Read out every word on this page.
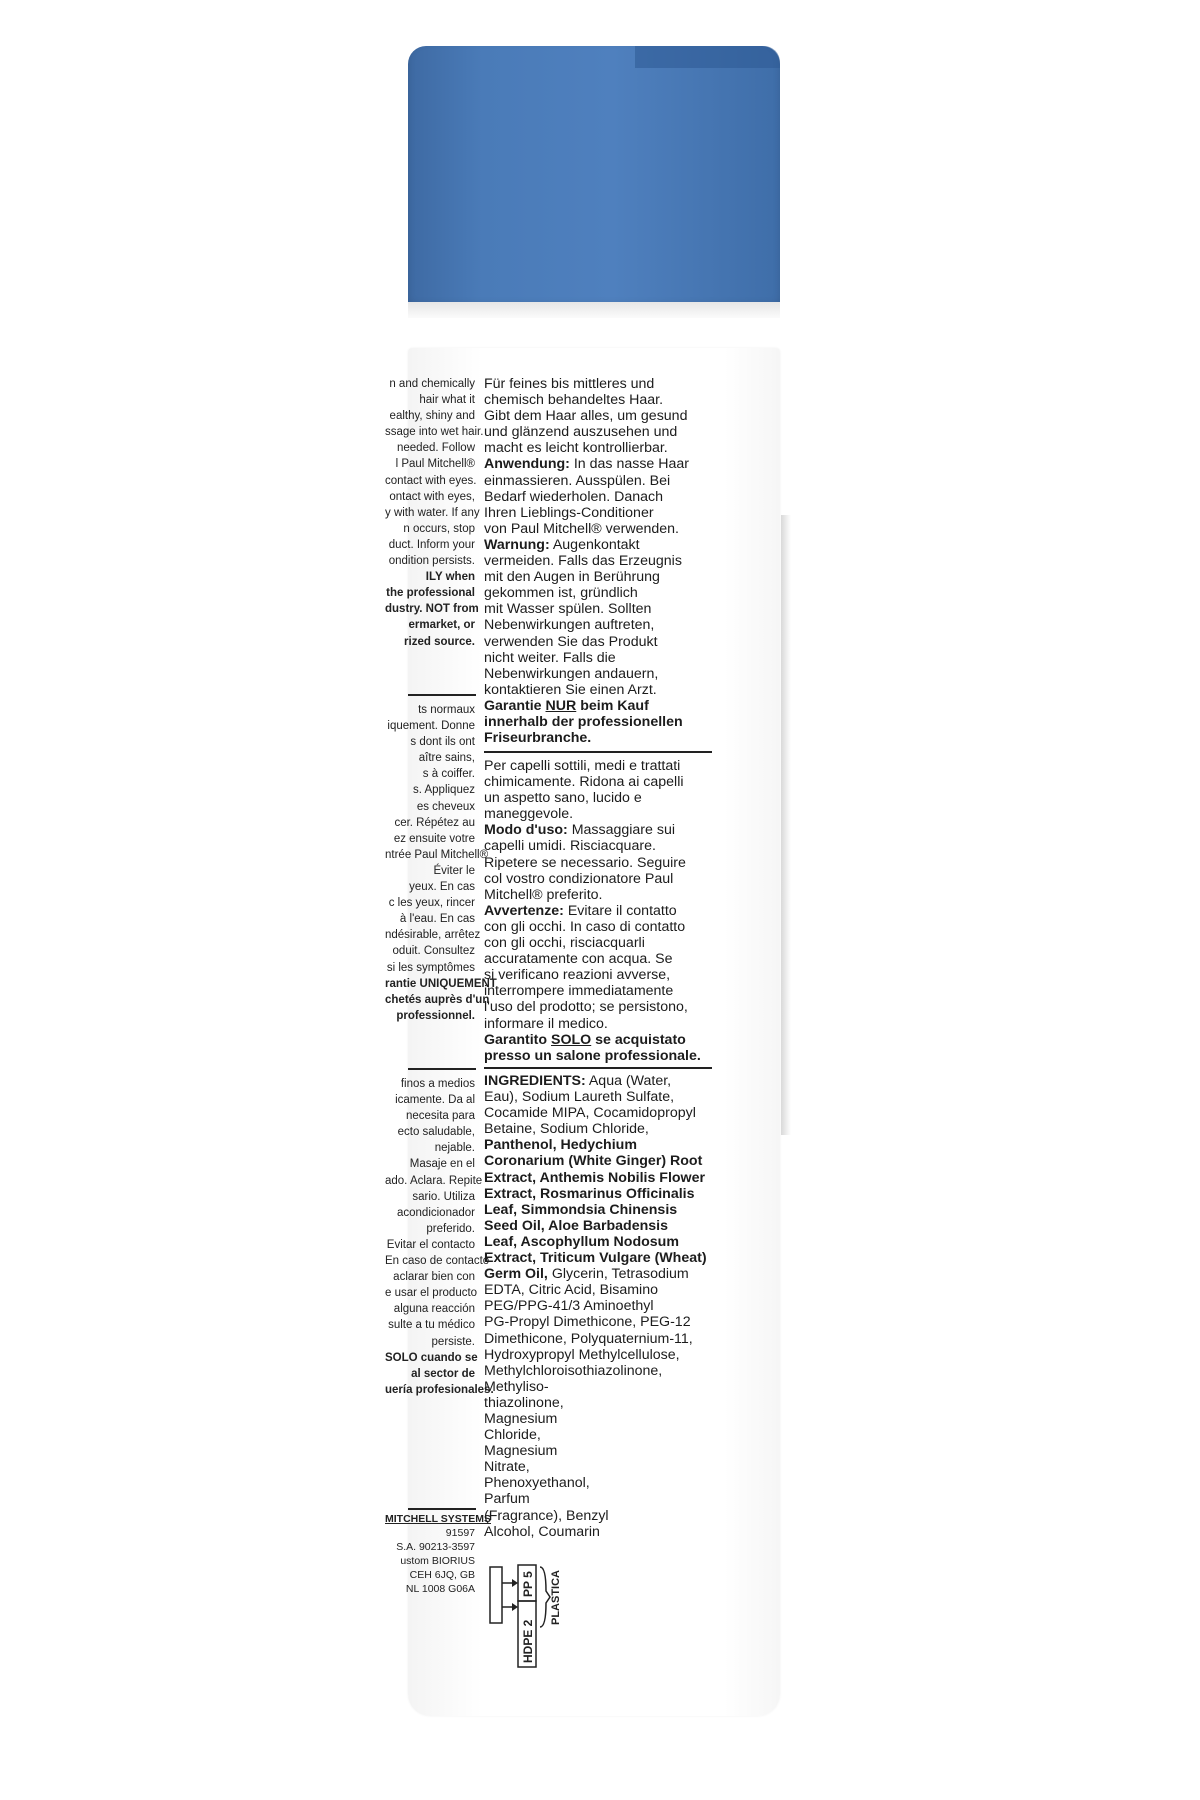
n and chemically
hair what it
ealthy, shiny and
ssage into wet hair.
needed. Follow
l Paul Mitchell®
contact with eyes.
ontact with eyes,
y with water. If any
n occurs, stop
duct. Inform your
ondition persists.
ILY when
the professional
dustry. NOT from
ermarket, or
rized source.
ts normaux
iquement. Donne
s dont ils ont
aître sains,
s à coiffer.
s. Appliquez
es cheveux
cer. Répétez au
ez ensuite votre
ntrée Paul Mitchell®
Éviter le
yeux. En cas
c les yeux, rincer
à l'eau. En cas
ndésirable, arrêtez
oduit. Consultez
si les symptômes
rantie UNIQUEMENT
chetés auprès d'un
professionnel.
finos a medios
icamente. Da al
necesita para
ecto saludable,
nejable.
Masaje en el
ado. Aclara. Repite
sario. Utiliza
acondicionador
preferido.
Evitar el contacto
En caso de contacto
aclarar bien con
e usar el producto
alguna reacción
sulte a tu médico
persiste.
SOLO cuando se
al sector de
uería profesionales.
MITCHELL SYSTEMS
91597
S.A. 90213-3597
ustom BIORIUS
CEH 6JQ, GB
NL 1008 G06A
Für feines bis mittleres und
chemisch behandeltes Haar.
Gibt dem Haar alles, um gesund
und glänzend auszusehen und
macht es leicht kontrollierbar.
Anwendung: In das nasse Haar
einmassieren. Ausspülen. Bei
Bedarf wiederholen. Danach
Ihren Lieblings-Conditioner
von Paul Mitchell® verwenden.
Warnung: Augenkontakt
vermeiden. Falls das Erzeugnis
mit den Augen in Berührung
gekommen ist, gründlich
mit Wasser spülen. Sollten
Nebenwirkungen auftreten,
verwenden Sie das Produkt
nicht weiter. Falls die
Nebenwirkungen andauern,
kontaktieren Sie einen Arzt.
Garantie NUR beim Kauf
innerhalb der professionellen
Friseurbranche.
Per capelli sottili, medi e trattati
chimicamente. Ridona ai capelli
un aspetto sano, lucido e
maneggevole.
Modo d'uso: Massaggiare sui
capelli umidi. Risciacquare.
Ripetere se necessario. Seguire
col vostro condizionatore Paul
Mitchell® preferito.
Avvertenze: Evitare il contatto
con gli occhi. In caso di contatto
con gli occhi, risciacquarli
accuratamente con acqua. Se
si verificano reazioni avverse,
interrompere immediatamente
l'uso del prodotto; se persistono,
informare il medico.
Garantito SOLO se acquistato
presso un salone professionale.
INGREDIENTS: Aqua (Water,
Eau), Sodium Laureth Sulfate,
Cocamide MIPA, Cocamidopropyl
Betaine, Sodium Chloride,
Panthenol, Hedychium
Coronarium (White Ginger) Root
Extract, Anthemis Nobilis Flower
Extract, Rosmarinus Officinalis
Leaf, Simmondsia Chinensis
Seed Oil, Aloe Barbadensis
Leaf, Ascophyllum Nodosum
Extract, Triticum Vulgare (Wheat)
Germ Oil, Glycerin, Tetrasodium
EDTA, Citric Acid, Bisamino
PEG/PPG-41/3 Aminoethyl
PG-Propyl Dimethicone, PEG-12
Dimethicone, Polyquaternium-11,
Hydroxypropyl Methylcellulose,
Methylchloroisothiazolinone,
Methyliso-
thiazolinone,
Magnesium
Chloride,
Magnesium
Nitrate,
Phenoxyethanol,
Parfum
(Fragrance), Benzyl
Alcohol, Coumarin
PP 5
HDPE 2
PLASTICA
